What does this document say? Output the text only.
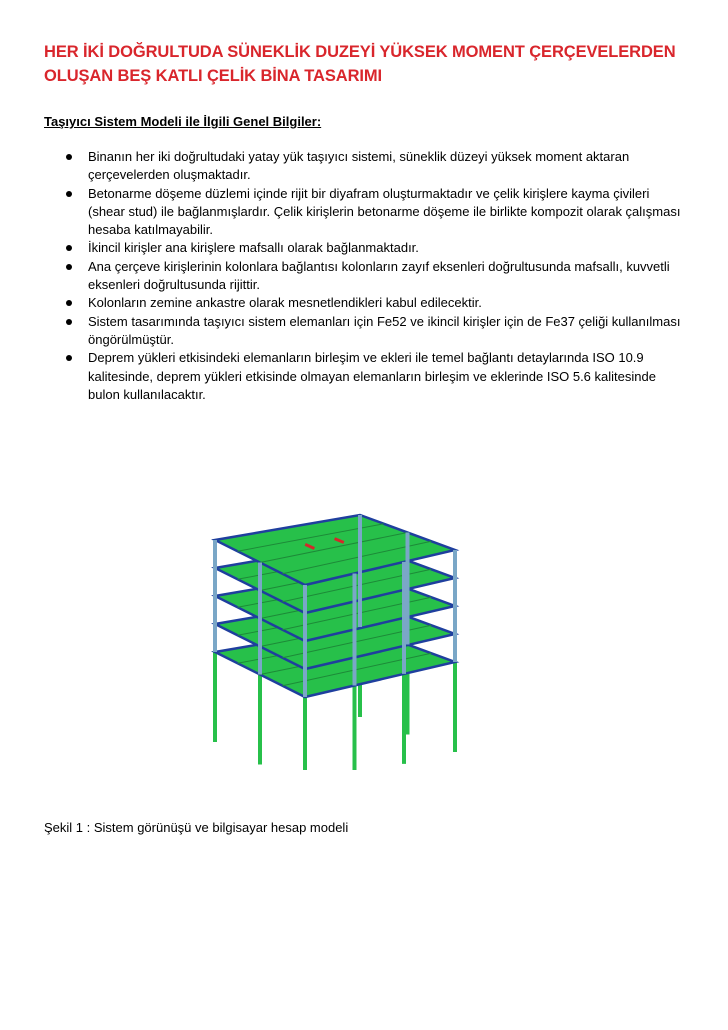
HER İKİ DOĞRULTUDA SÜNEKLİK DUZEYİ YÜKSEK MOMENT ÇERÇEVELERDEN OLUŞAN BEŞ KATLI ÇELİK BİNA TASARIMI
Taşıyıcı Sistem Modeli ile İlgili Genel Bilgiler:
Binanın her iki doğrultudaki yatay yük taşıyıcı sistemi, süneklik düzeyi yüksek moment aktaran çerçevelerden oluşmaktadır.
Betonarme döşeme düzlemi içinde rijit bir diyafram oluşturmaktadır ve çelik kirişlere kayma çivileri (shear stud) ile bağlanmışlardır. Çelik kirişlerin betonarme döşeme ile birlikte kompozit olarak çalışması hesaba katılmayabilir.
İkincil kirişler ana kirişlere mafsallı olarak bağlanmaktadır.
Ana çerçeve kirişlerinin kolonlara bağlantısı kolonların zayıf eksenleri doğrultusunda mafsallı, kuvvetli eksenleri doğrultusunda rijittir.
Kolonların zemine ankastre olarak mesnetlendikleri kabul edilecektir.
Sistem tasarımında taşıyıcı sistem elemanları için Fe52 ve ikincil kirişler için de Fe37 çeliği kullanılması öngörülmüştür.
Deprem yükleri etkisindeki elemanların birleşim ve ekleri ile temel bağlantı detaylarında ISO 10.9 kalitesinde, deprem yükleri etkisinde olmayan elemanların birleşim ve eklerinde ISO 5.6 kalitesinde bulon kullanılacaktır.
Şekil 1 : Sistem görünüşü ve bilgisayar hesap modeli
